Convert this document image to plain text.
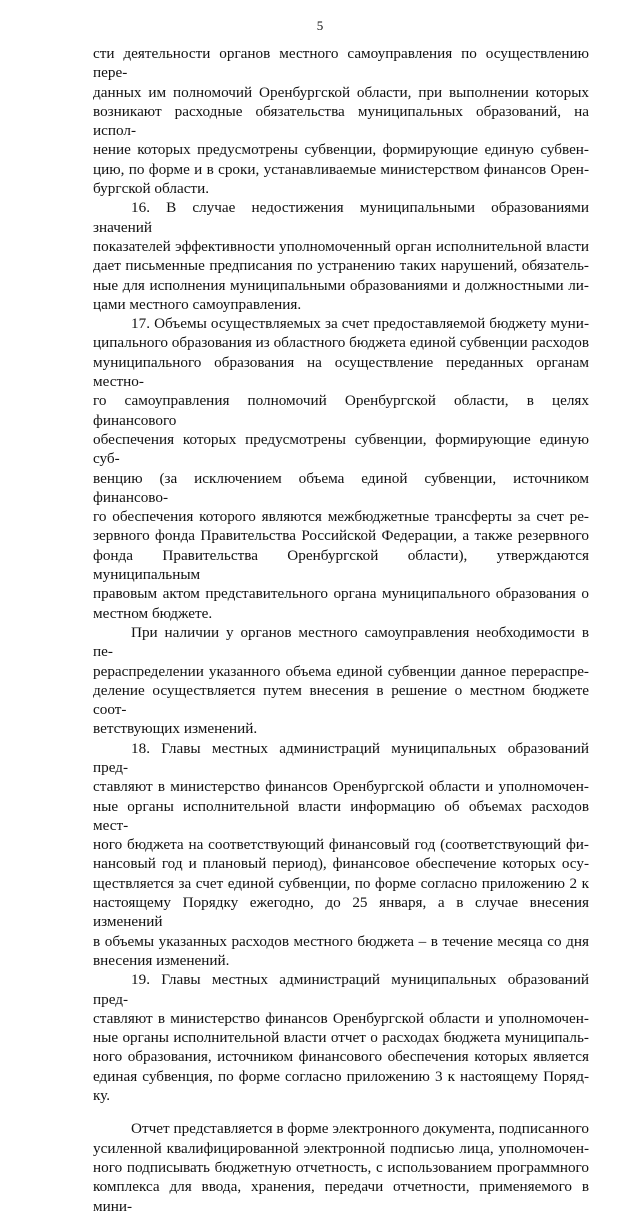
5

сти деятельности органов местного самоуправления по осуществлению пере-

данных им полномочий Оренбургской области, при выполнении которых

возникают расходные обязательства муниципальных образований, на испол-

нение которых предусмотрены субвенции, формирующие единую субвен-

цию, по форме и в сроки, устанавливаемые министерством финансов Орен-

бургской области.

16. В случае недостижения муниципальными образованиями значений

показателей эффективности уполномоченный орган исполнительной власти

дает письменные предписания по устранению таких нарушений, обязатель-

ные для исполнения муниципальными образованиями и должностными ли-

цами местного самоуправления.

17. Объемы осуществляемых за счет предоставляемой бюджету муни-

ципального образования из областного бюджета единой субвенции расходов

муниципального образования на осуществление переданных органам местно-

го самоуправления полномочий Оренбургской области, в целях финансового

обеспечения которых предусмотрены субвенции, формирующие единую суб-

венцию (за исключением объема единой субвенции, источником финансово-

го обеспечения которого являются межбюджетные трансферты за счет ре-

зервного фонда Правительства Российской Федерации, а также резервного

фонда Правительства Оренбургской области), утверждаются муниципальным

правовым актом представительного органа муниципального образования о

местном бюджете.

При наличии у органов местного самоуправления необходимости в пе-

рераспределении указанного объема единой субвенции данное перераспре-

деление осуществляется путем внесения в решение о местном бюджете соот-

ветствующих изменений.

18. Главы местных администраций муниципальных образований пред-

ставляют в министерство финансов Оренбургской области и уполномочен-

ные органы исполнительной власти информацию об объемах расходов мест-

ного бюджета на соответствующий финансовый год (соответствующий фи-

нансовый год и плановый период), финансовое обеспечение которых осу-

ществляется за счет единой субвенции, по форме согласно приложению 2 к

настоящему Порядку ежегодно, до 25 января, а в случае внесения изменений

в объемы указанных расходов местного бюджета – в течение месяца со дня

внесения изменений.

19. Главы местных администраций муниципальных образований пред-

ставляют в министерство финансов Оренбургской области и уполномочен-

ные органы исполнительной власти отчет о расходах бюджета муниципаль-

ного образования, источником финансового обеспечения которых является

единая субвенция, по форме согласно приложению 3 к настоящему Поряд-

ку.

Отчет представляется в форме электронного документа, подписанного

усиленной квалифицированной электронной подписью лица, уполномочен-

ного подписывать бюджетную отчетность, с использованием программного

комплекса для ввода, хранения, передачи отчетности, применяемого в мини-
